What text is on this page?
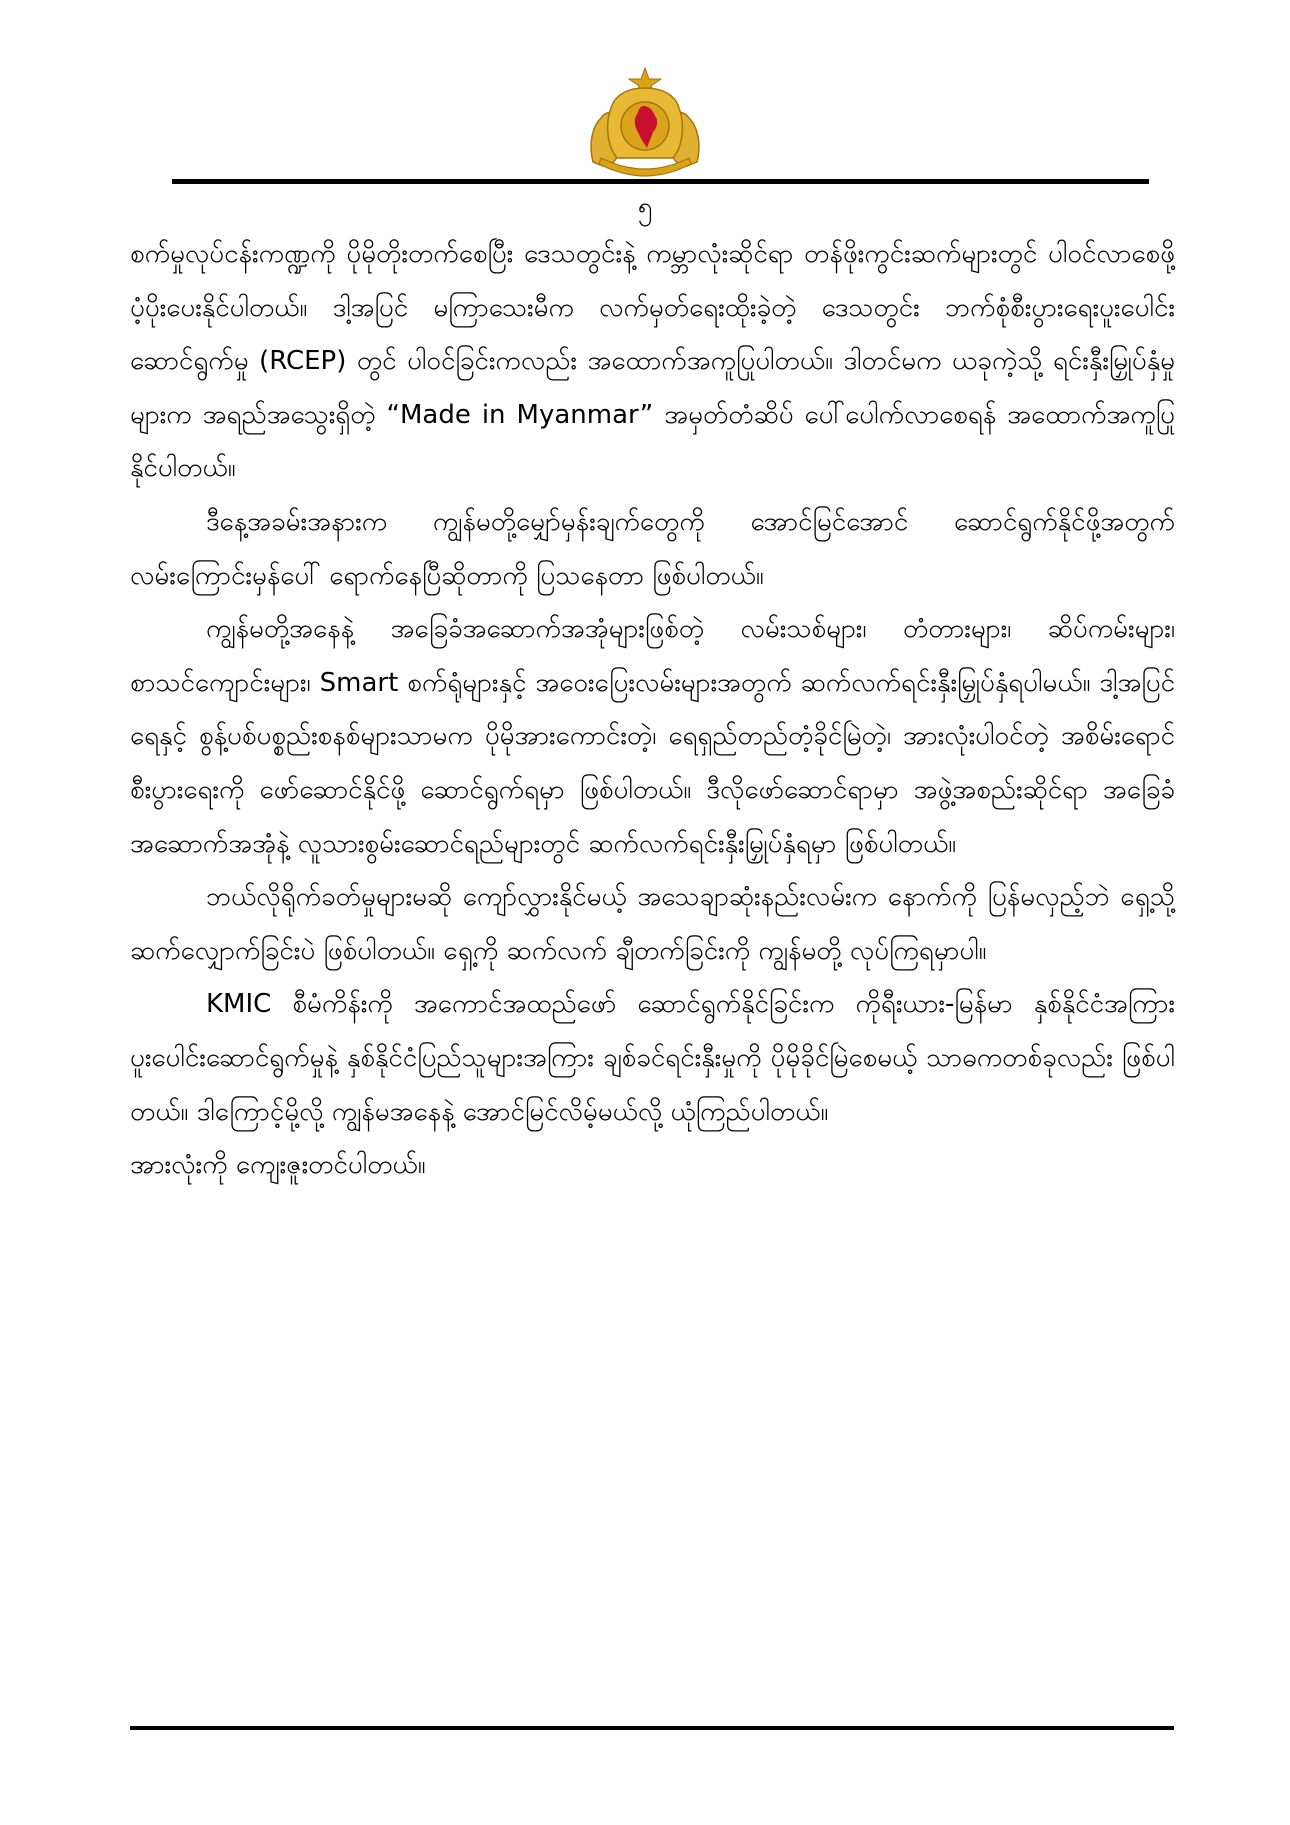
၅

စက်မှုလုပ်ငန်းကဏ္ဍကို ပိုမိုတိုးတက်စေပြီး ဒေသတွင်းနဲ့ ကမ္ဘာလုံးဆိုင်ရာ တန်ဖိုးကွင်းဆက်များတွင် ပါဝင်လာစေဖို့ ပံ့ပိုးပေးနိုင်ပါတယ်။ ဒါ့အပြင် မကြာသေးမီက လက်မှတ်ရေးထိုးခဲ့တဲ့ ဒေသတွင်း ဘက်စုံစီးပွားရေးပူးပေါင်းဆောင်ရွက်မှု (RCEP) တွင် ပါဝင်ခြင်းကလည်း အထောက်အကူပြုပါတယ်။ ဒါတင်မက ယခုကဲ့သို့ ရင်းနှီးမြှုပ်နှံမှုများက အရည်အသွေးရှိတဲ့ “Made in Myanmar” အမှတ်တံဆိပ် ပေါ်ပေါက်လာစေရန် အထောက်အကူပြုနိုင်ပါတယ်။

ဒီနေ့အခမ်းအနားက ကျွန်မတို့မျှော်မှန်းချက်တွေကို အောင်မြင်အောင် ဆောင်ရွက်နိုင်ဖို့အတွက် လမ်းကြောင်းမှန်ပေါ် ရောက်နေပြီဆိုတာကို ပြသနေတာ ဖြစ်ပါတယ်။

ကျွန်မတို့အနေနဲ့ အခြေခံအဆောက်အအုံများဖြစ်တဲ့ လမ်းသစ်များ၊ တံတားများ၊ ဆိပ်ကမ်းများ၊ စာသင်ကျောင်းများ၊ Smart စက်ရုံများနှင့် အဝေးပြေးလမ်းများအတွက် ဆက်လက်ရင်းနှီးမြှုပ်နှံရပါမယ်။ ဒါ့အပြင် ရေနှင့် စွန့်ပစ်ပစ္စည်းစနစ်များသာမက ပိုမိုအားကောင်းတဲ့၊ ရေရှည်တည်တံ့ခိုင်မြဲတဲ့၊ အားလုံးပါဝင်တဲ့ အစိမ်းရောင်စီးပွားရေးကို ဖော်ဆောင်နိုင်ဖို့ ဆောင်ရွက်ရမှာ ဖြစ်ပါတယ်။ ဒီလိုဖော်ဆောင်ရာမှာ အဖွဲ့အစည်းဆိုင်ရာ အခြေခံအဆောက်အအုံနဲ့ လူသားစွမ်းဆောင်ရည်များတွင် ဆက်လက်ရင်းနှီးမြှုပ်နှံရမှာ ဖြစ်ပါတယ်။

ဘယ်လိုရိုက်ခတ်မှုများမဆို ကျော်လွှားနိုင်မယ့် အသေချာဆုံးနည်းလမ်းက နောက်ကို ပြန်မလှည့်ဘဲ ရှေ့သို့ဆက်လျှောက်ခြင်းပဲ ဖြစ်ပါတယ်။ ရှေ့ကို ဆက်လက် ချီတက်ခြင်းကို ကျွန်မတို့ လုပ်ကြရမှာပါ။

KMIC စီမံကိန်းကို အကောင်အထည်ဖော် ဆောင်ရွက်နိုင်ခြင်းက ကိုရီးယား-မြန်မာ နှစ်နိုင်ငံအကြား ပူးပေါင်းဆောင်ရွက်မှုနဲ့ နှစ်နိုင်ငံပြည်သူများအကြား ချစ်ခင်ရင်းနှီးမှုကို ပိုမိုခိုင်မြဲစေမယ့် သာဓကတစ်ခုလည်း ဖြစ်ပါတယ်။ ဒါကြောင့်မို့လို့ ကျွန်မအနေနဲ့ အောင်မြင်လိမ့်မယ်လို့ ယုံကြည်ပါတယ်။

အားလုံးကို ကျေးဇူးတင်ပါတယ်။
